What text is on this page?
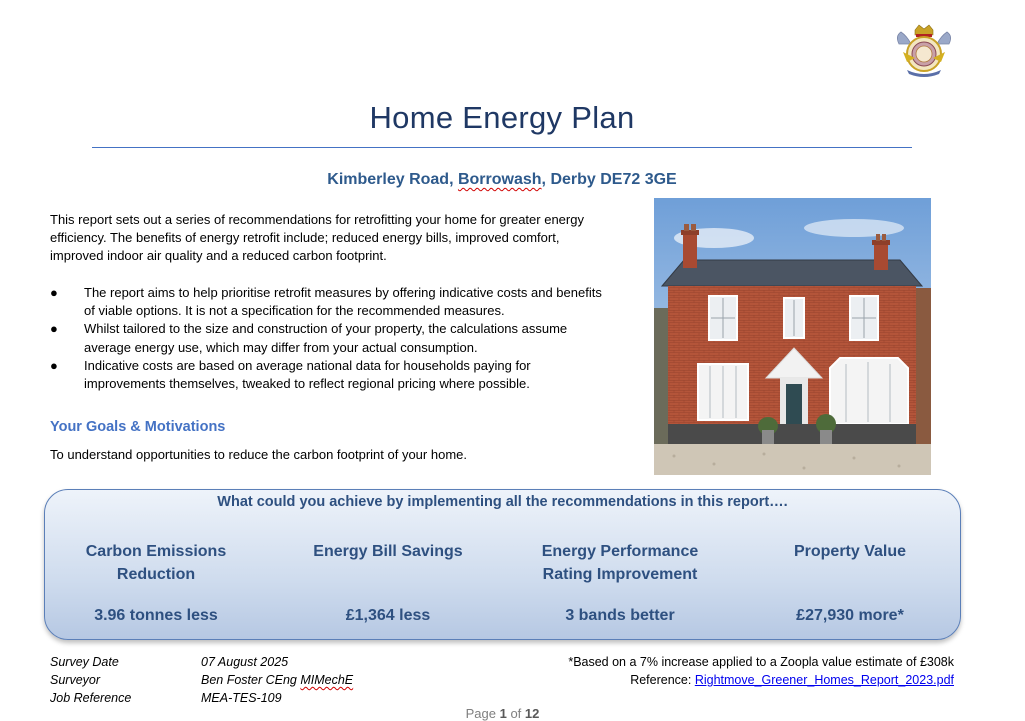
Home Energy Plan
Kimberley Road, Borrowash, Derby DE72 3GE

This report sets out a series of recommendations for retrofitting your home for greater energy efficiency. The benefits of energy retrofit include; reduced energy bills, improved comfort, improved indoor air quality and a reduced carbon footprint.

● The report aims to help prioritise retrofit measures by offering indicative costs and benefits of viable options. It is not a specification for the recommended measures.
● Whilst tailored to the size and construction of your property, the calculations assume average energy use, which may differ from your actual consumption.
● Indicative costs are based on average national data for households paying for improvements themselves, tweaked to reflect regional pricing where possible.
Your Goals & Motivations
To understand opportunities to reduce the carbon footprint of your home.
What could you achieve by implementing all the recommendations in this report….
Carbon Emissions
Reduction
3.96 tonnes less
Energy Bill Savings
£1,364 less
Energy Performance
Rating Improvement
3 bands better
Property Value
£27,930 more*
Survey Date	07 August 2025
Surveyor	Ben Foster CEng MIMechE
Job Reference	MEA-TES-109
*Based on a 7% increase applied to a Zoopla value estimate of £308k
Reference: Rightmove_Greener_Homes_Report_2023.pdf
Page 1 of 12
